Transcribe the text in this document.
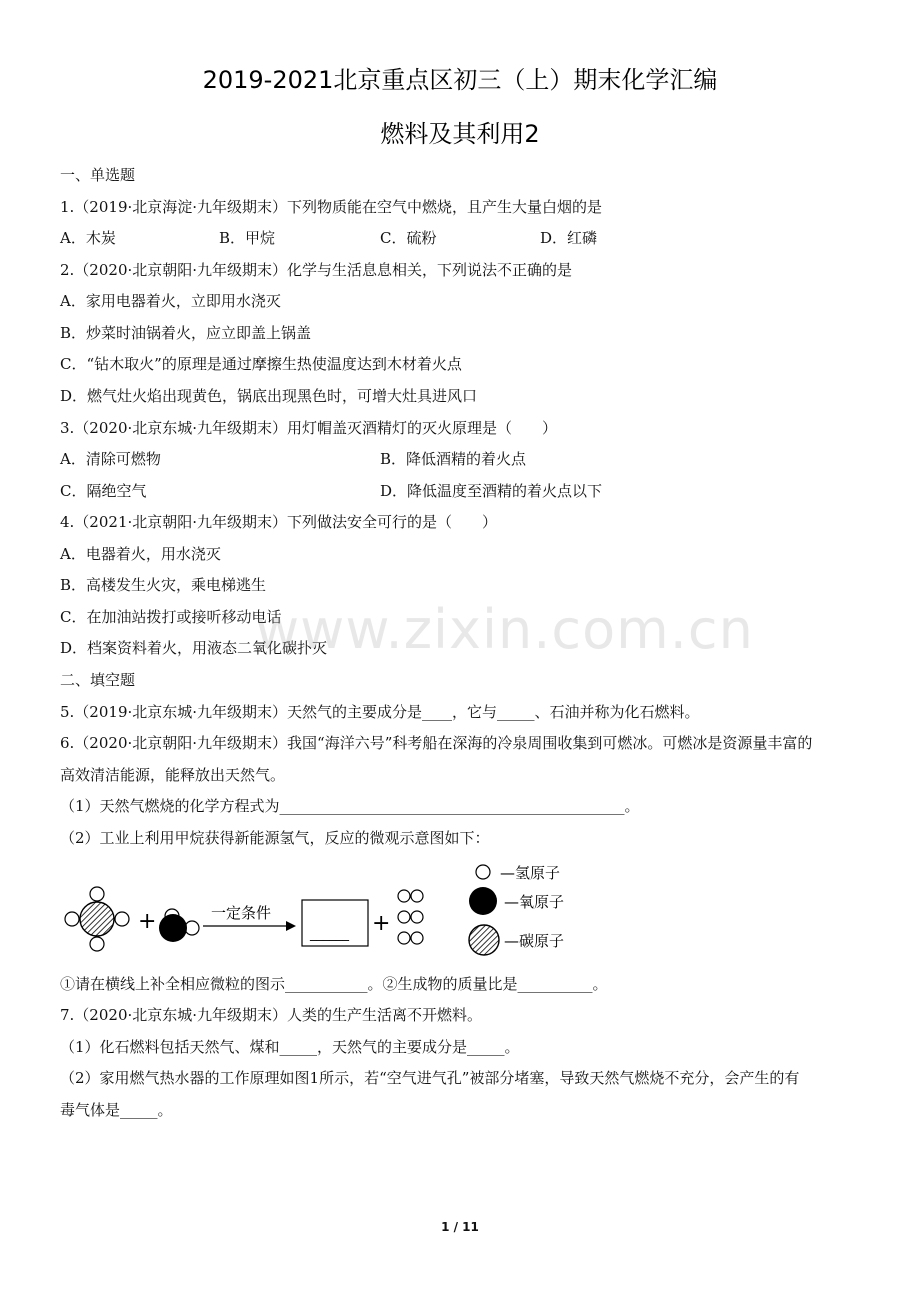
2019-2021北京重点区初三（上）期末化学汇编
燃料及其利用2
一、单选题
1.（2019·北京海淀·九年级期末）下列物质能在空气中燃烧，且产生大量白烟的是
A．木炭	B．甲烷	C．硫粉	D．红磷
2.（2020·北京朝阳·九年级期末）化学与生活息息相关，下列说法不正确的是
A．家用电器着火，立即用水浇灭
B．炒菜时油锅着火，应立即盖上锅盖
C．“钻木取火”的原理是通过摩擦生热使温度达到木材着火点
D．燃气灶火焰出现黄色，锅底出现黑色时，可增大灶具进风口
3.（2020·北京东城·九年级期末）用灯帽盖灭酒精灯的灭火原理是（　　）
A．清除可燃物	B．降低酒精的着火点
C．隔绝空气	D．降低温度至酒精的着火点以下
4.（2021·北京朝阳·九年级期末）下列做法安全可行的是（　　）
A．电器着火，用水浇灭
B．高楼发生火灾，乘电梯逃生
C．在加油站拨打或接听移动电话
D．档案资料着火，用液态二氧化碳扑灭
二、填空题
5.（2019·北京东城·九年级期末）天然气的主要成分是____，它与_____、石油并称为化石燃料。
6.（2020·北京朝阳·九年级期末）我国“海洋六号”科考船在深海的冷泉周围收集到可燃冰。可燃冰是资源量丰富的
高效清洁能源，能释放出天然气。
（1）天然气燃烧的化学方程式为______________________________________________。
（2）工业上利用甲烷获得新能源氢气，反应的微观示意图如下：
+	一定条件
______ +
—氢原子
—氧原子
—碳原子
①请在横线上补全相应微粒的图示___________。②生成物的质量比是__________。
7.（2020·北京东城·九年级期末）人类的生产生活离不开燃料。
（1）化石燃料包括天然气、煤和_____，天然气的主要成分是_____。
（2）家用燃气热水器的工作原理如图1所示，若“空气进气孔”被部分堵塞，导致天然气燃烧不充分，会产生的有
毒气体是_____。
www.zixin.com.cn
1 / 11
